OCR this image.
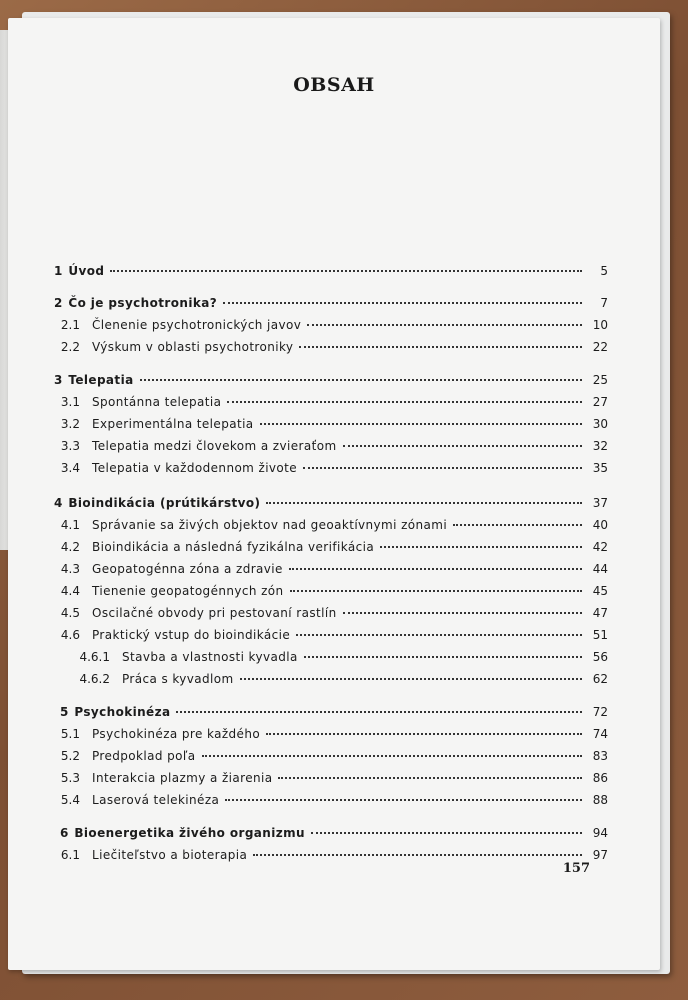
OBSAH
1 Úvod	5
2 Čo je psychotronika?	7
2.1	Členenie psychotronických javov	10
2.2	Výskum v oblasti psychotroniky	22
3 Telepatia	25
3.1	Spontánna telepatia	27
3.2	Experimentálna telepatia	30
3.3	Telepatia medzi človekom a zvieraťom	32
3.4	Telepatia v každodennom živote	35
4 Bioindikácia (prútikárstvo)	37
4.1	Správanie sa živých objektov nad geoaktívnymi zónami	40
4.2	Bioindikácia a následná fyzikálna verifikácia	42
4.3	Geopatogénna zóna a zdravie	44
4.4	Tienenie geopatogénnych zón	45
4.5	Oscilačné obvody pri pestovaní rastlín	47
4.6	Praktický vstup do bioindikácie	51
4.6.1	Stavba a vlastnosti kyvadla	56
4.6.2	Práca s kyvadlom	62
5 Psychokinéza	72
5.1	Psychokinéza pre každého	74
5.2	Predpoklad poľa	83
5.3	Interakcia plazmy a žiarenia	86
5.4	Laserová telekinéza	88
6 Bioenergetika živého organizmu	94
6.1	Liečiteľstvo a bioterapia	97
157
